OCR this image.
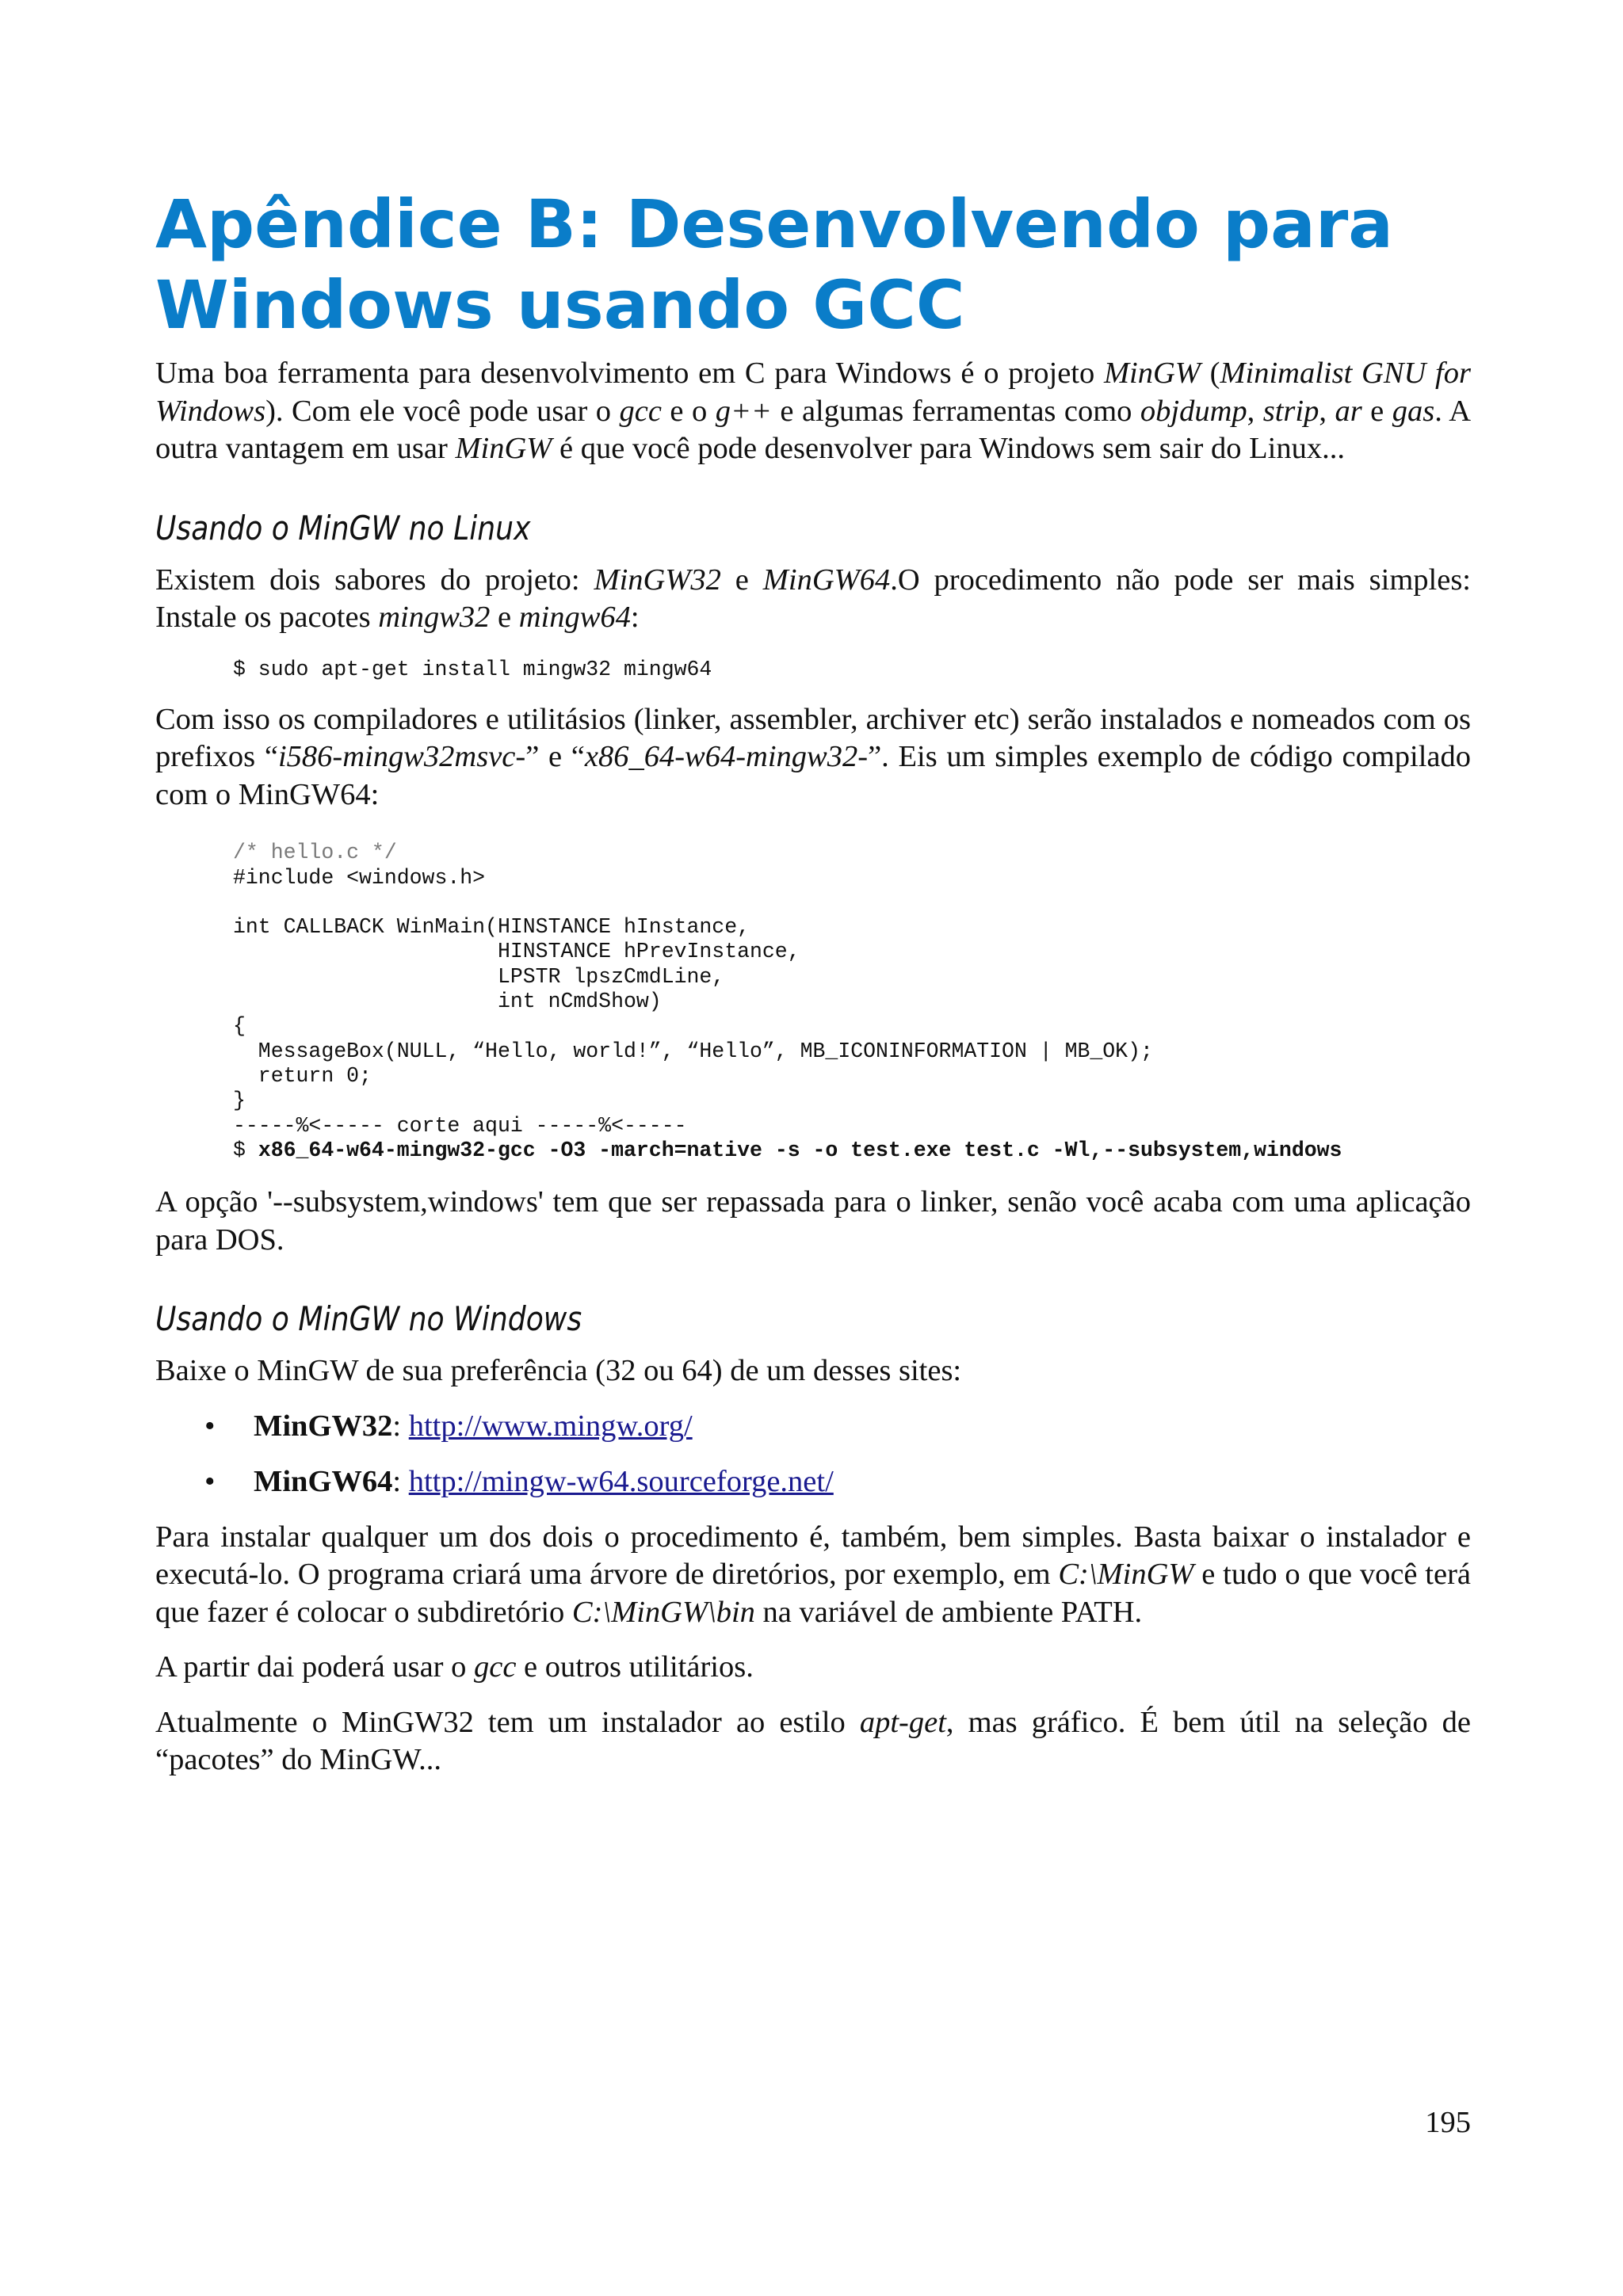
Apêndice B: Desenvolvendo para
Windows usando GCC

Uma boa ferramenta para desenvolvimento em C para Windows é o projeto MinGW (Minimalist GNU for Windows). Com ele você pode usar o gcc e o g++ e algumas ferramentas como objdump, strip, ar e gas. A outra vantagem em usar MinGW é que você pode desenvolver para Windows sem sair do Linux...

Usando o MinGW no Linux

Existem dois sabores do projeto: MinGW32 e MinGW64.O procedimento não pode ser mais simples: Instale os pacotes mingw32 e mingw64:

$ sudo apt-get install mingw32 mingw64

Com isso os compiladores e utilitásios (linker, assembler, archiver etc) serão instalados e nomeados com os prefixos “i586-mingw32msvc-” e “x86_64-w64-mingw32-”. Eis um simples exemplo de código compilado com o MinGW64:

/* hello.c */
#include <windows.h>

int CALLBACK WinMain(HINSTANCE hInstance,
HINSTANCE hPrevInstance,
LPSTR lpszCmdLine,
int nCmdShow)
{
MessageBox(NULL, “Hello, world!”, “Hello”, MB_ICONINFORMATION | MB_OK);
return 0;
}
-----%<----- corte aqui -----%<-----
$ x86_64-w64-mingw32-gcc -O3 -march=native -s -o test.exe test.c -Wl,--subsystem,windows

A opção '--subsystem,windows' tem que ser repassada para o linker, senão você acaba com uma aplicação para DOS.

Usando o MinGW no Windows

Baixe o MinGW de sua preferência (32 ou 64) de um desses sites:

• MinGW32: http://www.mingw.org/
• MinGW64: http://mingw-w64.sourceforge.net/

Para instalar qualquer um dos dois o procedimento é, também, bem simples. Basta baixar o instalador e executá-lo. O programa criará uma árvore de diretórios, por exemplo, em C:\MinGW e tudo o que você terá que fazer é colocar o subdiretório C:\MinGW\bin na variável de ambiente PATH.

A partir dai poderá usar o gcc e outros utilitários.

Atualmente o MinGW32 tem um instalador ao estilo apt-get, mas gráfico. É bem útil na seleção de “pacotes” do MinGW...

195
